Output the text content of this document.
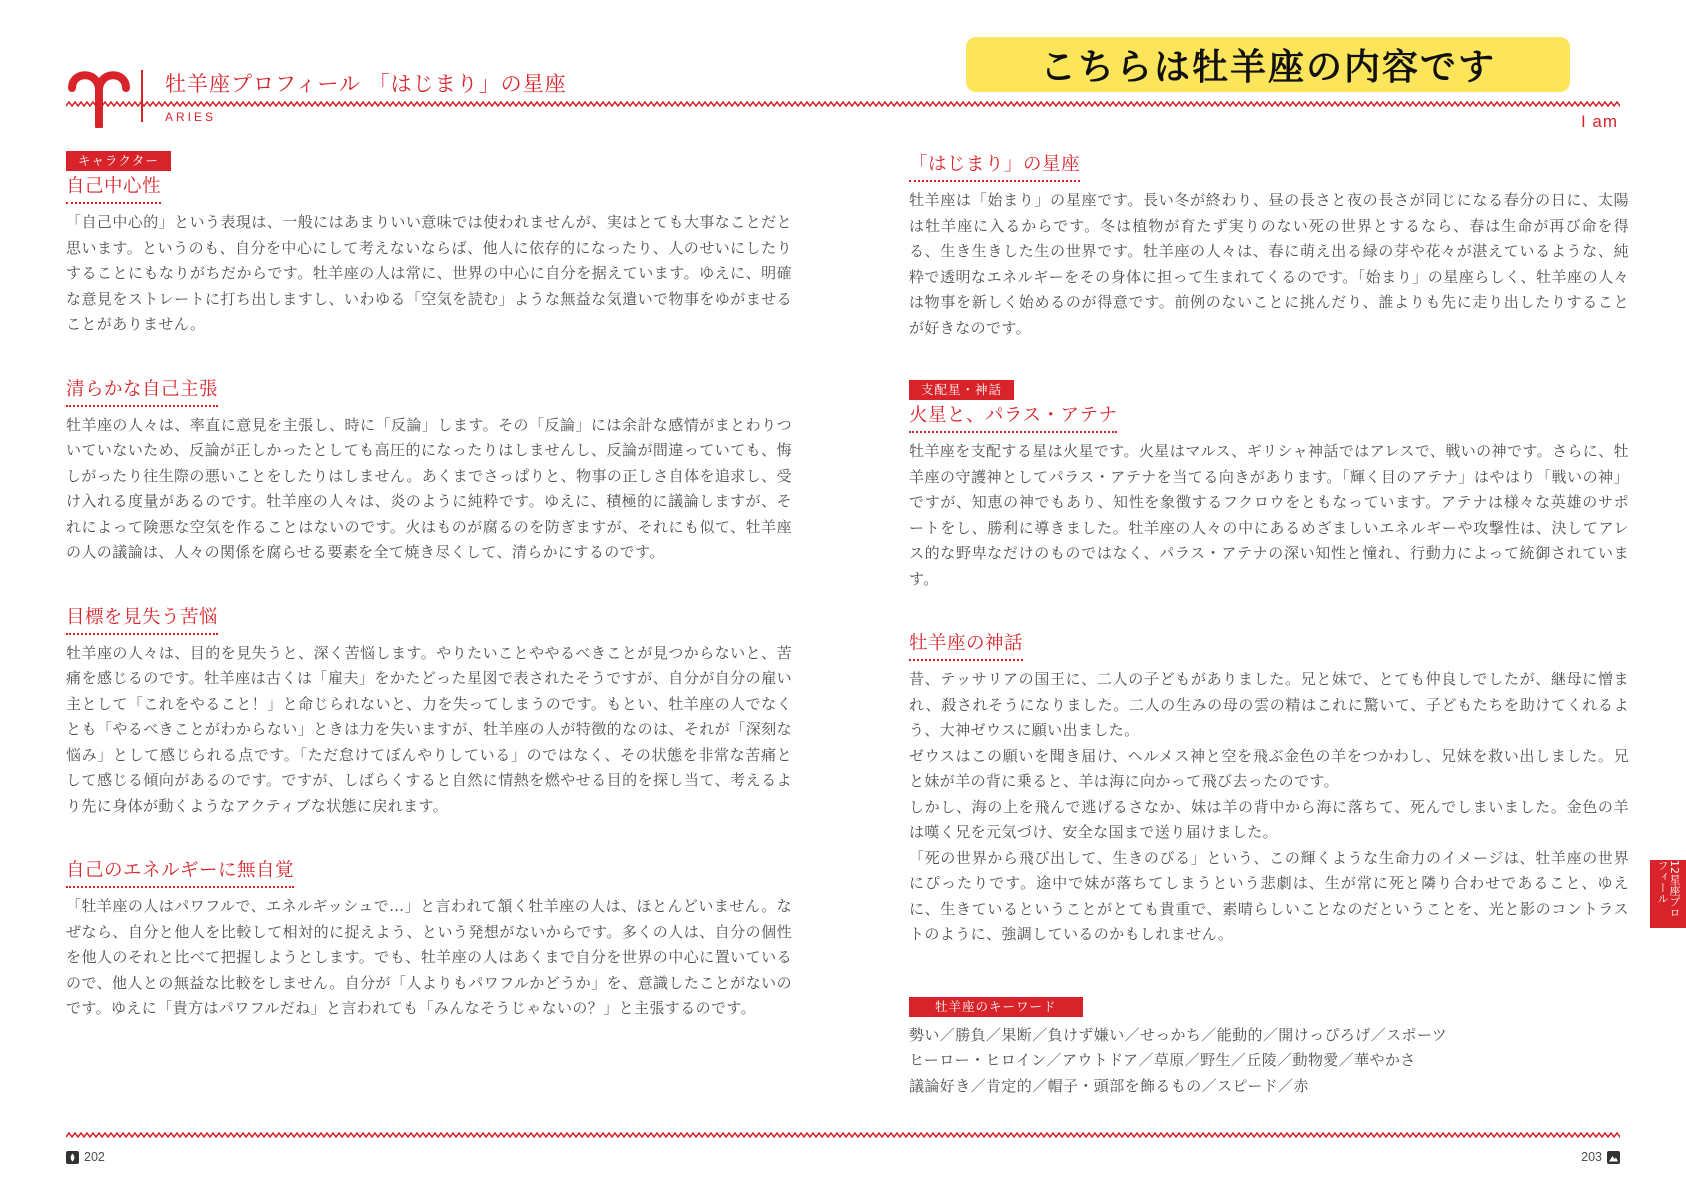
牡羊座プロフィール 「はじまり」の星座
ARIES
こちらは牡羊座の内容です
I am
キャラクター
自己中心性

「自己中心的」という表現は、一般にはあまりいい意味では使われませんが、実はとても大事なことだと思います。というのも、自分を中心にして考えないならば、他人に依存的になったり、人のせいにしたりすることにもなりがちだからです。牡羊座の人は常に、世界の中心に自分を据えています。ゆえに、明確な意見をストレートに打ち出しますし、いわゆる「空気を読む」ような無益な気遣いで物事をゆがませることがありません。

清らかな自己主張

牡羊座の人々は、率直に意見を主張し、時に「反論」します。その「反論」には余計な感情がまとわりついていないため、反論が正しかったとしても高圧的になったりはしませんし、反論が間違っていても、悔しがったり往生際の悪いことをしたりはしません。あくまでさっぱりと、物事の正しさ自体を追求し、受け入れる度量があるのです。牡羊座の人々は、炎のように純粋です。ゆえに、積極的に議論しますが、それによって険悪な空気を作ることはないのです。火はものが腐るのを防ぎますが、それにも似て、牡羊座の人の議論は、人々の関係を腐らせる要素を全て焼き尽くして、清らかにするのです。

目標を見失う苦悩

牡羊座の人々は、目的を見失うと、深く苦悩します。やりたいことややるべきことが見つからないと、苦痛を感じるのです。牡羊座は古くは「雇夫」をかたどった星図で表されたそうですが、自分が自分の雇い主として「これをやること！」と命じられないと、力を失ってしまうのです。もとい、牡羊座の人でなくとも「やるべきことがわからない」ときは力を失いますが、牡羊座の人が特徴的なのは、それが「深刻な悩み」として感じられる点です。「ただ怠けてぼんやりしている」のではなく、その状態を非常な苦痛として感じる傾向があるのです。ですが、しばらくすると自然に情熱を燃やせる目的を探し当て、考えるより先に身体が動くようなアクティブな状態に戻れます。

自己のエネルギーに無自覚

「牡羊座の人はパワフルで、エネルギッシュで…」と言われて頷く牡羊座の人は、ほとんどいません。なぜなら、自分と他人を比較して相対的に捉えよう、という発想がないからです。多くの人は、自分の個性を他人のそれと比べて把握しようとします。でも、牡羊座の人はあくまで自分を世界の中心に置いているので、他人との無益な比較をしません。自分が「人よりもパワフルかどうか」を、意識したことがないのです。ゆえに「貴方はパワフルだね」と言われても「みんなそうじゃないの？」と主張するのです。

「はじまり」の星座

牡羊座は「始まり」の星座です。長い冬が終わり、昼の長さと夜の長さが同じになる春分の日に、太陽は牡羊座に入るからです。冬は植物が育たず実りのない死の世界とするなら、春は生命が再び命を得る、生き生きした生の世界です。牡羊座の人々は、春に萌え出る緑の芽や花々が湛えているような、純粋で透明なエネルギーをその身体に担って生まれてくるのです。「始まり」の星座らしく、牡羊座の人々は物事を新しく始めるのが得意です。前例のないことに挑んだり、誰よりも先に走り出したりすることが好きなのです。

支配星・神話
火星と、パラス・アテナ

牡羊座を支配する星は火星です。火星はマルス、ギリシャ神話ではアレスで、戦いの神です。さらに、牡羊座の守護神としてパラス・アテナを当てる向きがあります。「輝く目のアテナ」はやはり「戦いの神」ですが、知恵の神でもあり、知性を象徴するフクロウをともなっています。アテナは様々な英雄のサポートをし、勝利に導きました。牡羊座の人々の中にあるめざましいエネルギーや攻撃性は、決してアレス的な野卑なだけのものではなく、パラス・アテナの深い知性と憧れ、行動力によって統御されています。

牡羊座の神話
昔、テッサリアの国王に、二人の子どもがありました。兄と妹で、とても仲良しでしたが、継母に憎まれ、殺されそうになりました。二人の生みの母の雲の精はこれに驚いて、子どもたちを助けてくれるよう、大神ゼウスに願い出ました。
ゼウスはこの願いを聞き届け、ヘルメス神と空を飛ぶ金色の羊をつかわし、兄妹を救い出しました。兄と妹が羊の背に乗ると、羊は海に向かって飛び去ったのです。
しかし、海の上を飛んで逃げるさなか、妹は羊の背中から海に落ちて、死んでしまいました。金色の羊は嘆く兄を元気づけ、安全な国まで送り届けました。
「死の世界から飛び出して、生きのびる」という、この輝くような生命力のイメージは、牡羊座の世界にぴったりです。途中で妹が落ちてしまうという悲劇は、生が常に死と隣り合わせであること、ゆえに、生きているということがとても貴重で、素晴らしいことなのだということを、光と影のコントラストのように、強調しているのかもしれません。
牡羊座のキーワード
勢い／勝負／果断／負けず嫌い／せっかち／能動的／開けっぴろげ／スポーツ
ヒーロー・ヒロイン／アウトドア／草原／野生／丘陵／動物愛／華やかさ
議論好き／肯定的／帽子・頭部を飾るもの／スピード／赤
12星座プロフィール
202	203
